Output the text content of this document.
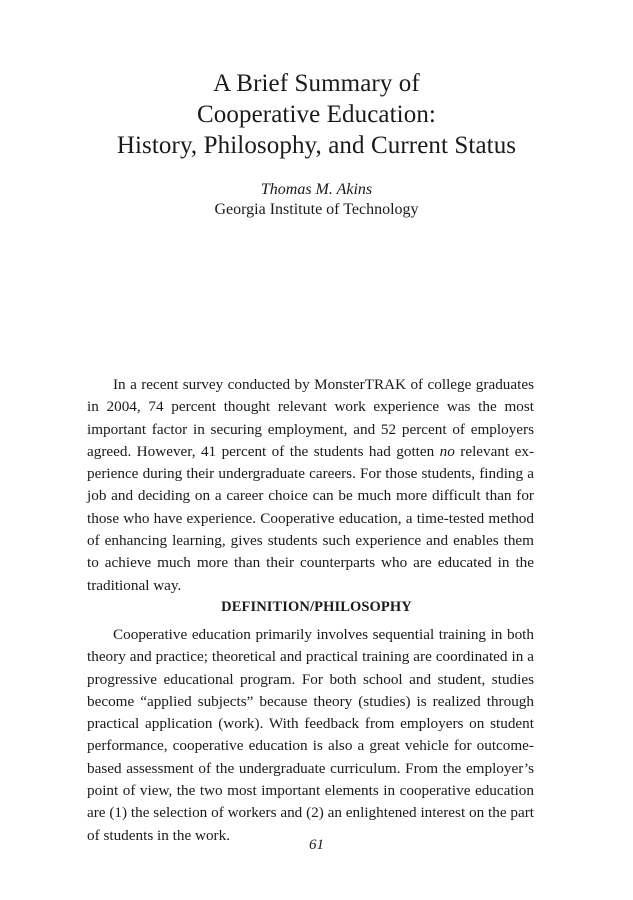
A Brief Summary of
Cooperative Education:
History, Philosophy, and Current Status
Thomas M. Akins
Georgia Institute of Technology

In a recent survey conducted by MonsterTRAK of college graduates in 2004, 74 percent thought relevant work experience was the most important factor in securing employment, and 52 percent of employers agreed. However, 41 percent of the students had gotten no relevant experience during their undergraduate careers. For those students, finding a job and deciding on a career choice can be much more difficult than for those who have experience. Cooperative education, a time-tested method of enhancing learning, gives students such experience and enables them to achieve much more than their counterparts who are educated in the traditional way.

DEFINITION/PHILOSOPHY

Cooperative education primarily involves sequential training in both theory and practice; theoretical and practical training are coordinated in a progressive educational program. For both school and student, studies become “applied subjects” because theory (studies) is realized through practical application (work). With feedback from employers on student performance, cooperative education is also a great vehicle for outcome-based assessment of the undergraduate curriculum. From the employer’s point of view, the two most important elements in cooperative education are (1) the selection of workers and (2) an enlightened interest on the part of students in the work.

61
